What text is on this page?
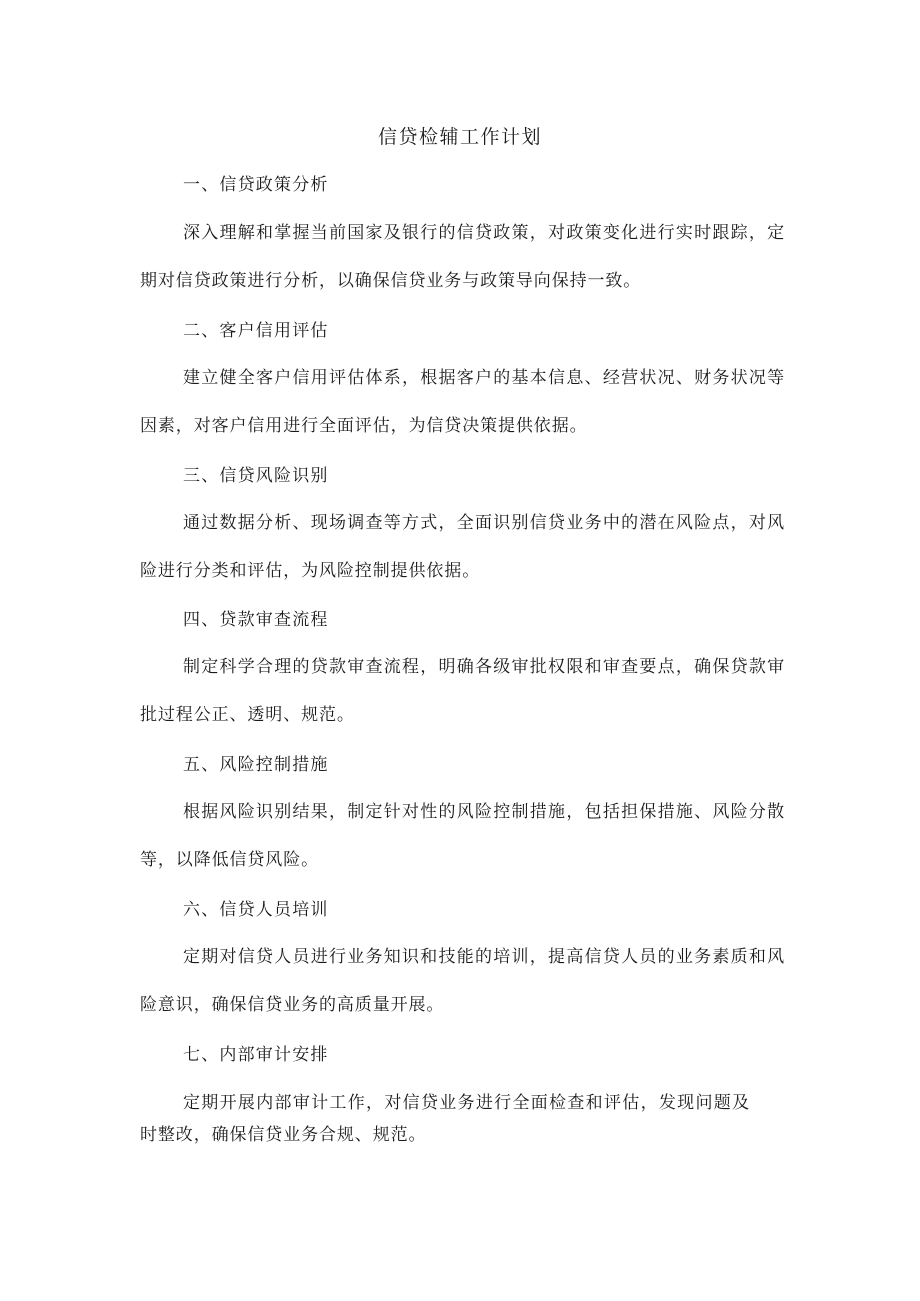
信贷检辅工作计划
一、信贷政策分析
深入理解和掌握当前国家及银行的信贷政策，对政策变化进行实时跟踪，定期对信贷政策进行分析，以确保信贷业务与政策导向保持一致。
二、客户信用评估
建立健全客户信用评估体系，根据客户的基本信息、经营状况、财务状况等因素，对客户信用进行全面评估，为信贷决策提供依据。
三、信贷风险识别
通过数据分析、现场调查等方式，全面识别信贷业务中的潜在风险点，对风险进行分类和评估，为风险控制提供依据。
四、贷款审查流程
制定科学合理的贷款审查流程，明确各级审批权限和审查要点，确保贷款审批过程公正、透明、规范。
五、风险控制措施
根据风险识别结果，制定针对性的风险控制措施，包括担保措施、风险分散等，以降低信贷风险。
六、信贷人员培训
定期对信贷人员进行业务知识和技能的培训，提高信贷人员的业务素质和风险意识，确保信贷业务的高质量开展。
七、内部审计安排
定期开展内部审计工作，对信贷业务进行全面检查和评估，发现问题及时整改，确保信贷业务合规、规范。
